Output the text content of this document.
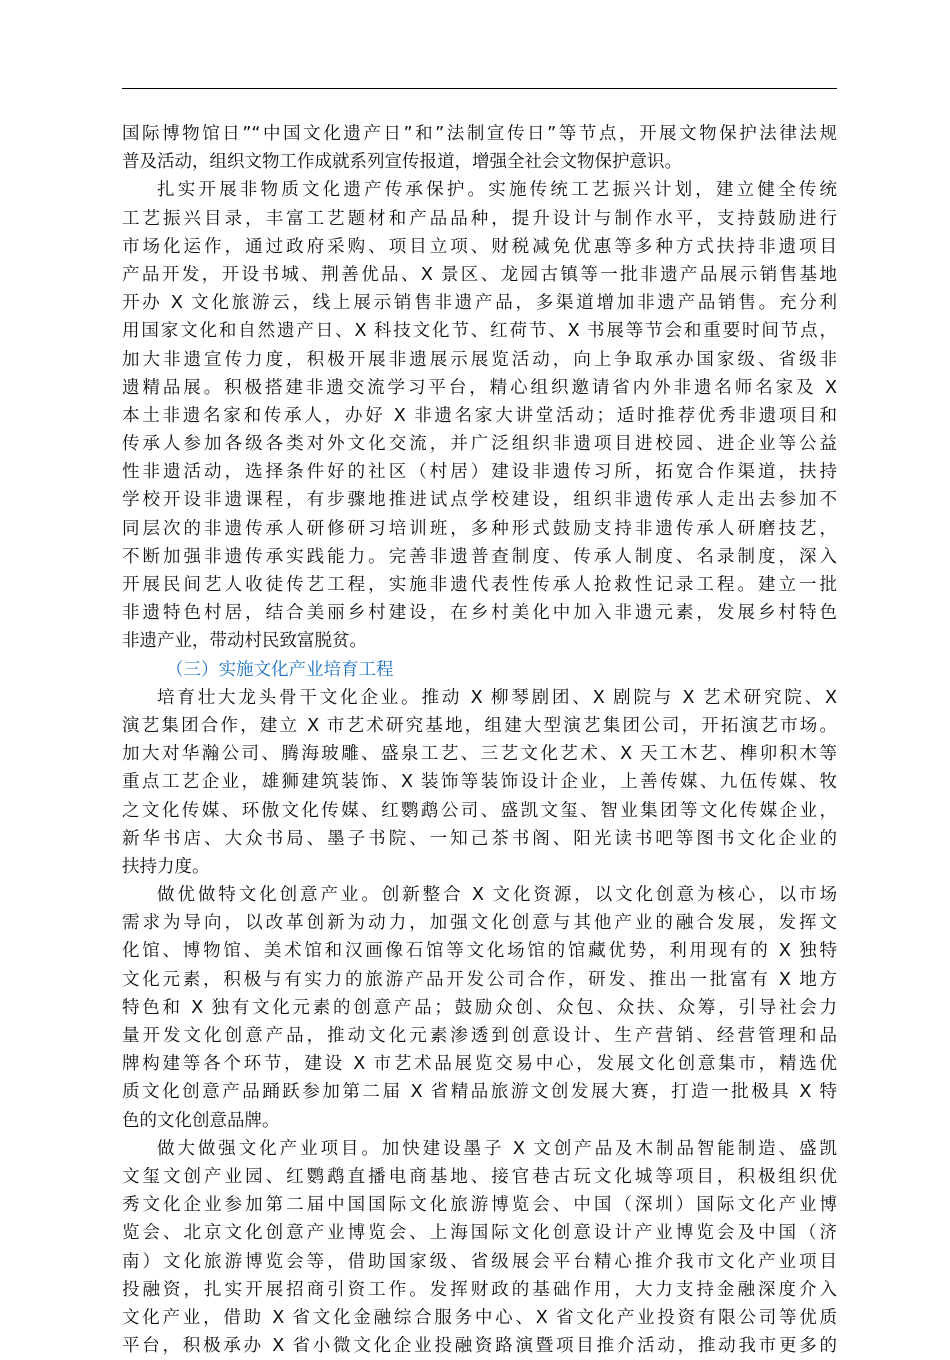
国际博物馆日”“中国文化遗产日”和”法制宣传日”等节点，开展文物保护法律法规
普及活动，组织文物工作成就系列宣传报道，增强全社会文物保护意识。
扎实开展非物质文化遗产传承保护。实施传统工艺振兴计划，建立健全传统
工艺振兴目录，丰富工艺题材和产品品种，提升设计与制作水平，支持鼓励进行
市场化运作，通过政府采购、项目立项、财税减免优惠等多种方式扶持非遗项目
产品开发，开设书城、荆善优品、X 景区、龙园古镇等一批非遗产品展示销售基地
开办 X 文化旅游云，线上展示销售非遗产品，多渠道增加非遗产品销售。充分利
用国家文化和自然遗产日、X 科技文化节、红荷节、X 书展等节会和重要时间节点，
加大非遗宣传力度，积极开展非遗展示展览活动，向上争取承办国家级、省级非
遗精品展。积极搭建非遗交流学习平台，精心组织邀请省内外非遗名师名家及 X
本土非遗名家和传承人，办好 X 非遗名家大讲堂活动；适时推荐优秀非遗项目和
传承人参加各级各类对外文化交流，并广泛组织非遗项目进校园、进企业等公益
性非遗活动，选择条件好的社区（村居）建设非遗传习所，拓宽合作渠道，扶持
学校开设非遗课程，有步骤地推进试点学校建设，组织非遗传承人走出去参加不
同层次的非遗传承人研修研习培训班，多种形式鼓励支持非遗传承人研磨技艺，
不断加强非遗传承实践能力。完善非遗普查制度、传承人制度、名录制度，深入
开展民间艺人收徒传艺工程，实施非遗代表性传承人抢救性记录工程。建立一批
非遗特色村居，结合美丽乡村建设，在乡村美化中加入非遗元素，发展乡村特色
非遗产业，带动村民致富脱贫。
（三）实施文化产业培育工程
培育壮大龙头骨干文化企业。推动 X 柳琴剧团、X 剧院与 X 艺术研究院、X
演艺集团合作，建立 X 市艺术研究基地，组建大型演艺集团公司，开拓演艺市场。
加大对华瀚公司、腾海玻雕、盛泉工艺、三艺文化艺术、X 天工木艺、榫卯积木等
重点工艺企业，雄狮建筑装饰、X 装饰等装饰设计企业，上善传媒、九伍传媒、牧
之文化传媒、环傲文化传媒、红鹦鹉公司、盛凯文玺、智业集团等文化传媒企业，
新华书店、大众书局、墨子书院、一知己茶书阁、阳光读书吧等图书文化企业的
扶持力度。
做优做特文化创意产业。创新整合 X 文化资源，以文化创意为核心，以市场
需求为导向，以改革创新为动力，加强文化创意与其他产业的融合发展，发挥文
化馆、博物馆、美术馆和汉画像石馆等文化场馆的馆藏优势，利用现有的 X 独特
文化元素，积极与有实力的旅游产品开发公司合作，研发、推出一批富有 X 地方
特色和 X 独有文化元素的创意产品；鼓励众创、众包、众扶、众筹，引导社会力
量开发文化创意产品，推动文化元素渗透到创意设计、生产营销、经营管理和品
牌构建等各个环节，建设 X 市艺术品展览交易中心，发展文化创意集市，精选优
质文化创意产品踊跃参加第二届 X 省精品旅游文创发展大赛，打造一批极具 X 特
色的文化创意品牌。
做大做强文化产业项目。加快建设墨子 X 文创产品及木制品智能制造、盛凯
文玺文创产业园、红鹦鹉直播电商基地、接官巷古玩文化城等项目，积极组织优
秀文化企业参加第二届中国国际文化旅游博览会、中国（深圳）国际文化产业博
览会、北京文化创意产业博览会、上海国际文化创意设计产业博览会及中国（济
南）文化旅游博览会等，借助国家级、省级展会平台精心推介我市文化产业项目
投融资，扎实开展招商引资工作。发挥财政的基础作用，大力支持金融深度介入
文化产业，借助 X 省文化金融综合服务中心、X 省文化产业投资有限公司等优质
平台，积极承办 X 省小微文化企业投融资路演暨项目推介活动，推动我市更多的
